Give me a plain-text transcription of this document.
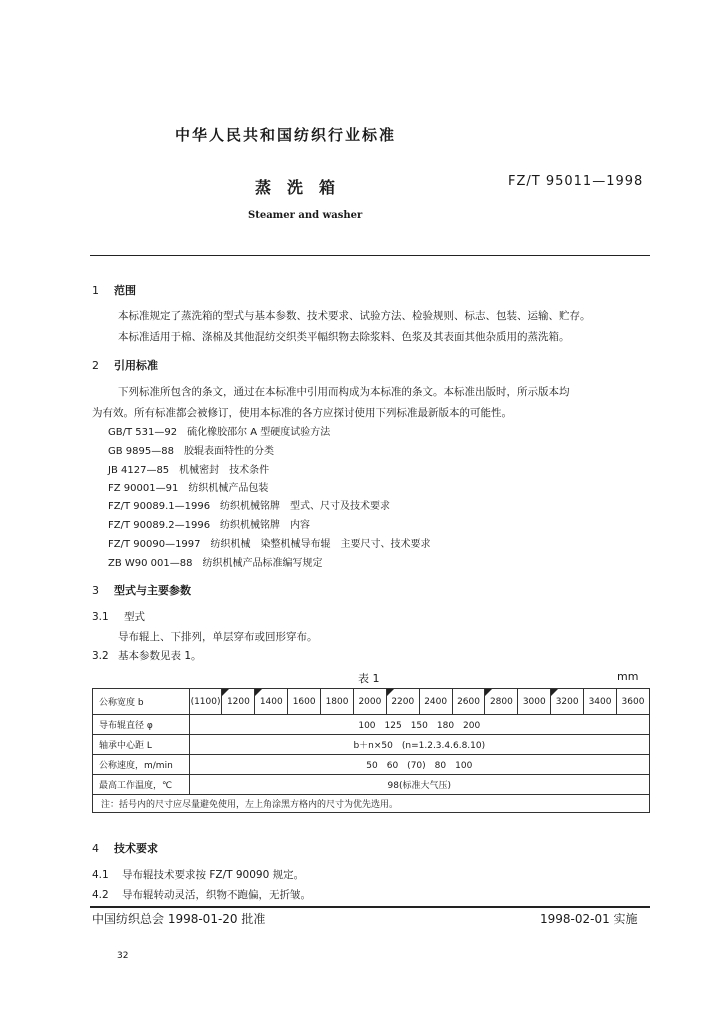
中华人民共和国纺织行业标准
蒸洗箱	FZ/T 95011—1998
Steamer and washer
1 范围
本标准规定了蒸洗箱的型式与基本参数、技术要求、试验方法、检验规则、标志、包装、运输、贮存。
本标准适用于棉、涤棉及其他混纺交织类平幅织物去除浆料、色浆及其表面其他杂质用的蒸洗箱。
2 引用标准
下列标准所包含的条文，通过在本标准中引用而构成为本标准的条文。本标准出版时，所示版本均
为有效。所有标准都会被修订，使用本标准的各方应探讨使用下列标准最新版本的可能性。
GB/T 531—92　硫化橡胶邵尔 A 型硬度试验方法
GB 9895—88　胶辊表面特性的分类
JB 4127—85　机械密封　技术条件
FZ 90001—91　纺织机械产品包装
FZ/T 90089.1—1996　纺织机械铭牌　型式、尺寸及技术要求
FZ/T 90089.2—1996　纺织机械铭牌　内容
FZ/T 90090—1997　纺织机械　染整机械导布辊　主要尺寸、技术要求
ZB W90 001—88　纺织机械产品标准编写规定
3 型式与主要参数
3.1 型式
导布辊上、下排列，单层穿布或回形穿布。
3.2 基本参数见表 1。
表 1	mm
公称宽度 b	(1100)	1200	1400	1600	1800	2000	2200	2400	2600	2800	3000	3200	3400	3600
导布辊直径 φ	100　125　150　180　200													
轴承中心距 L	b＋n×50　(n=1.2.3.4.6.8.10)													
公称速度，m/min	50　60　(70)　80　100													
最高工作温度，℃	98(标准大气压)													
注：括号内的尺寸应尽量避免使用，左上角涂黑方格内的尺寸为优先选用。														
4 技术要求
4.1 导布辊技术要求按 FZ/T 90090 规定。
4.2 导布辊转动灵活，织物不跑偏，无折皱。
中国纺织总会 1998-01-20 批准	1998-02-01 实施
32
